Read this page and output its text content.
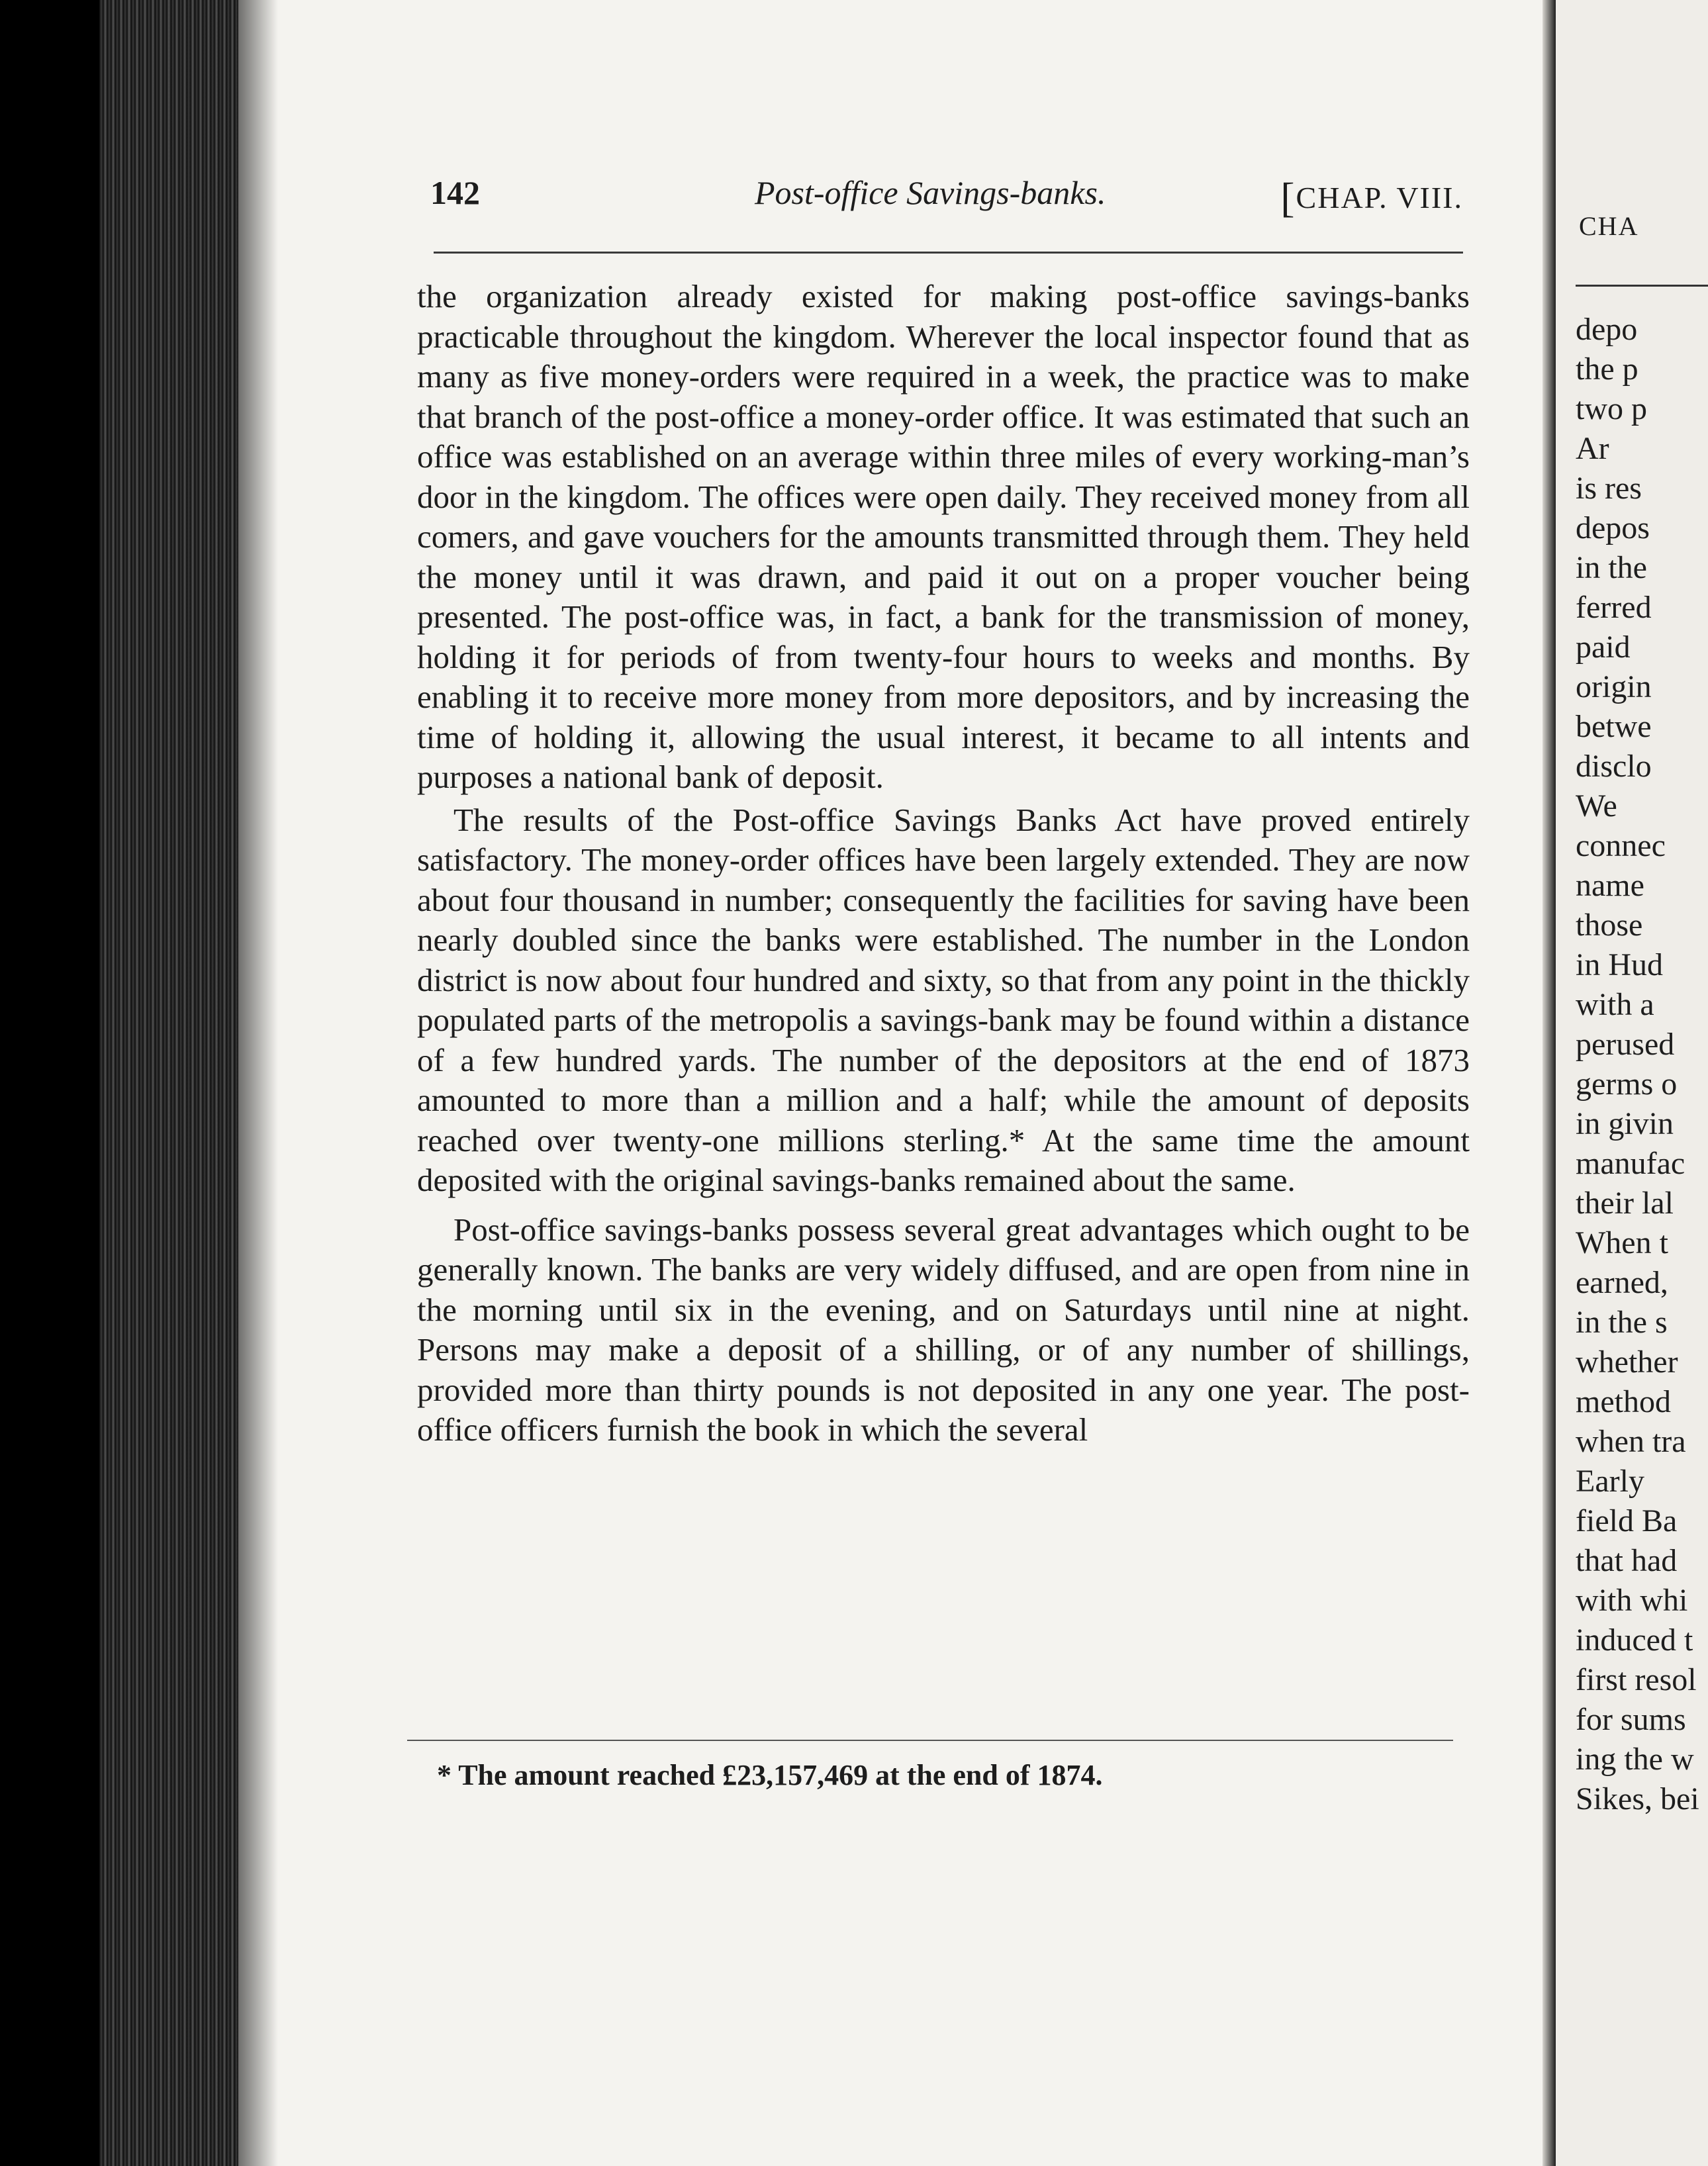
CHA
depo
the p
two p
Ar
is res
depos
in the
ferred
paid
origin
betwe
disclo
We
connec
name
those
in Hud
with a
perused
germs o
in givin
manufac
their lal
When t
earned,
in the s
whether
method
when tra
Early
field Ba
that had
with whi
induced t
first resol
for sums
ing the w
Sikes, bei
142	Post-office Savings-banks.	[CHAP. VIII.

the organization already existed for making post-office savings-banks practicable throughout the kingdom. Wherever the local inspector found that as many as five money-orders were required in a week, the practice was to make that branch of the post-office a money-order office. It was estimated that such an office was established on an average within three miles of every working-man’s door in the kingdom. The offices were open daily. They received money from all comers, and gave vouchers for the amounts transmitted through them. They held the money until it was drawn, and paid it out on a proper voucher being presented. The post-office was, in fact, a bank for the transmission of money, holding it for periods of from twenty-four hours to weeks and months. By enabling it to receive more money from more depositors, and by increasing the time of holding it, allowing the usual interest, it became to all intents and purposes a national bank of deposit.

The results of the Post-office Savings Banks Act have proved entirely satisfactory. The money-order offices have been largely extended. They are now about four thousand in number; consequently the facilities for saving have been nearly doubled since the banks were established. The number in the London district is now about four hundred and sixty, so that from any point in the thickly populated parts of the metropolis a savings-bank may be found within a distance of a few hundred yards. The number of the depositors at the end of 1873 amounted to more than a million and a half; while the amount of deposits reached over twenty-one millions sterling.* At the same time the amount deposited with the original savings-banks remained about the same.

Post-office savings-banks possess several great advantages which ought to be generally known. The banks are very widely diffused, and are open from nine in the morning until six in the evening, and on Saturdays until nine at night. Persons may make a deposit of a shilling, or of any number of shillings, provided more than thirty pounds is not deposited in any one year. The post-office officers furnish the book in which the several

* The amount reached £23,157,469 at the end of 1874.
